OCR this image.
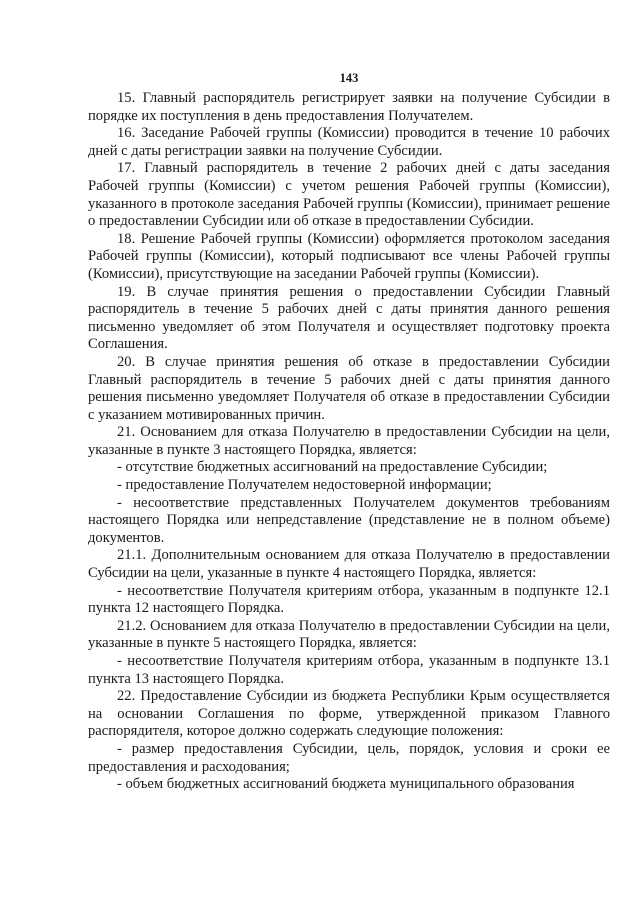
143

15. Главный распорядитель регистрирует заявки на получение Субсидии в порядке их поступления в день предоставления Получателем.

16. Заседание Рабочей группы (Комиссии) проводится в течение 10 рабочих дней с даты регистрации заявки на получение Субсидии.

17. Главный распорядитель в течение 2 рабочих дней с даты заседания Рабочей группы (Комиссии) с учетом решения Рабочей группы (Комиссии), указанного в протоколе заседания Рабочей группы (Комиссии), принимает решение о предоставлении Субсидии или об отказе в предоставлении Субсидии.

18. Решение Рабочей группы (Комиссии) оформляется протоколом заседания Рабочей группы (Комиссии), который подписывают все члены Рабочей группы (Комиссии), присутствующие на заседании Рабочей группы (Комиссии).

19. В случае принятия решения о предоставлении Субсидии Главный распорядитель в течение 5 рабочих дней с даты принятия данного решения письменно уведомляет об этом Получателя и осуществляет подготовку проекта Соглашения.

20. В случае принятия решения об отказе в предоставлении Субсидии Главный распорядитель в течение 5 рабочих дней с даты принятия данного решения письменно уведомляет Получателя об отказе в предоставлении Субсидии с указанием мотивированных причин.

21. Основанием для отказа Получателю в предоставлении Субсидии на цели, указанные в пункте 3 настоящего Порядка, является:

- отсутствие бюджетных ассигнований на предоставление Субсидии;

- предоставление Получателем недостоверной информации;

- несоответствие представленных Получателем документов требованиям настоящего Порядка или непредставление (представление не в полном объеме) документов.

21.1. Дополнительным основанием для отказа Получателю в предоставлении Субсидии на цели, указанные в пункте 4 настоящего Порядка, является:

- несоответствие Получателя критериям отбора, указанным в подпункте 12.1 пункта 12 настоящего Порядка.

21.2. Основанием для отказа Получателю в предоставлении Субсидии на цели, указанные в пункте 5 настоящего Порядка, является:

- несоответствие Получателя критериям отбора, указанным в подпункте 13.1 пункта 13 настоящего Порядка.

22. Предоставление Субсидии из бюджета Республики Крым осуществляется на основании Соглашения по форме, утвержденной приказом Главного распорядителя, которое должно содержать следующие положения:

- размер предоставления Субсидии, цель, порядок, условия и сроки ее предоставления и расходования;

- объем бюджетных ассигнований бюджета муниципального образования
